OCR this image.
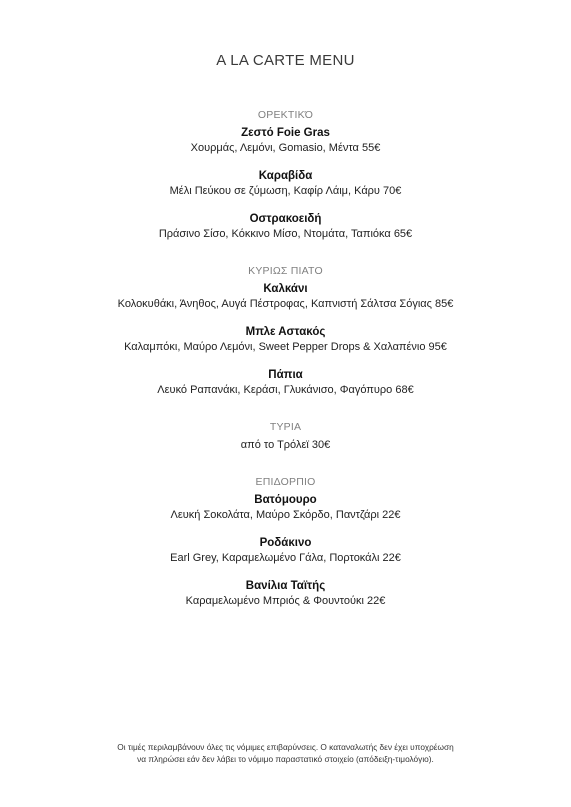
A LA CARTE MENU
ΟΡΕΚΤΙΚΌ
Ζεστό Foie Gras
Χουρμάς, Λεμόνι, Gomasio, Μέντα 55€
Καραβίδα
Μέλι Πεύκου σε ζύμωση, Καφίρ Λάιμ, Κάρυ 70€
Οστρακοειδή
Πράσινο Σίσο, Κόκκινο Μίσο, Ντομάτα, Ταπιόκα 65€
ΚΥΡΙΩΣ ΠΙΑΤΟ
Καλκάνι
Κολοκυθάκι, Άνηθος, Αυγά Πέστροφας, Καπνιστή Σάλτσα Σόγιας 85€
Μπλε Αστακός
Καλαμπόκι, Μαύρο Λεμόνι, Sweet Pepper Drops & Χαλαπένιο 95€
Πάπια
Λευκό Ραπανάκι, Κεράσι, Γλυκάνισο, Φαγόπυρο 68€
ΤΥΡΙΑ
από το Τρόλεϊ 30€
ΕΠΙΔΟΡΠΙΟ
Βατόμουρο
Λευκή Σοκολάτα, Μαύρο Σκόρδο, Παντζάρι 22€
Ροδάκινο
Earl Grey, Καραμελωμένο Γάλα, Πορτοκάλι 22€
Βανίλια Ταϊτής
Καραμελωμένο Μπριός & Φουντούκι 22€
Οι τιμές περιλαμβάνουν όλες τις νόμιμες επιβαρύνσεις. Ο καταναλωτής δεν έχει υποχρέωση
να πληρώσει εάν δεν λάβει το νόμιμο παραστατικό στοιχείο (απόδειξη-τιμολόγιο).
